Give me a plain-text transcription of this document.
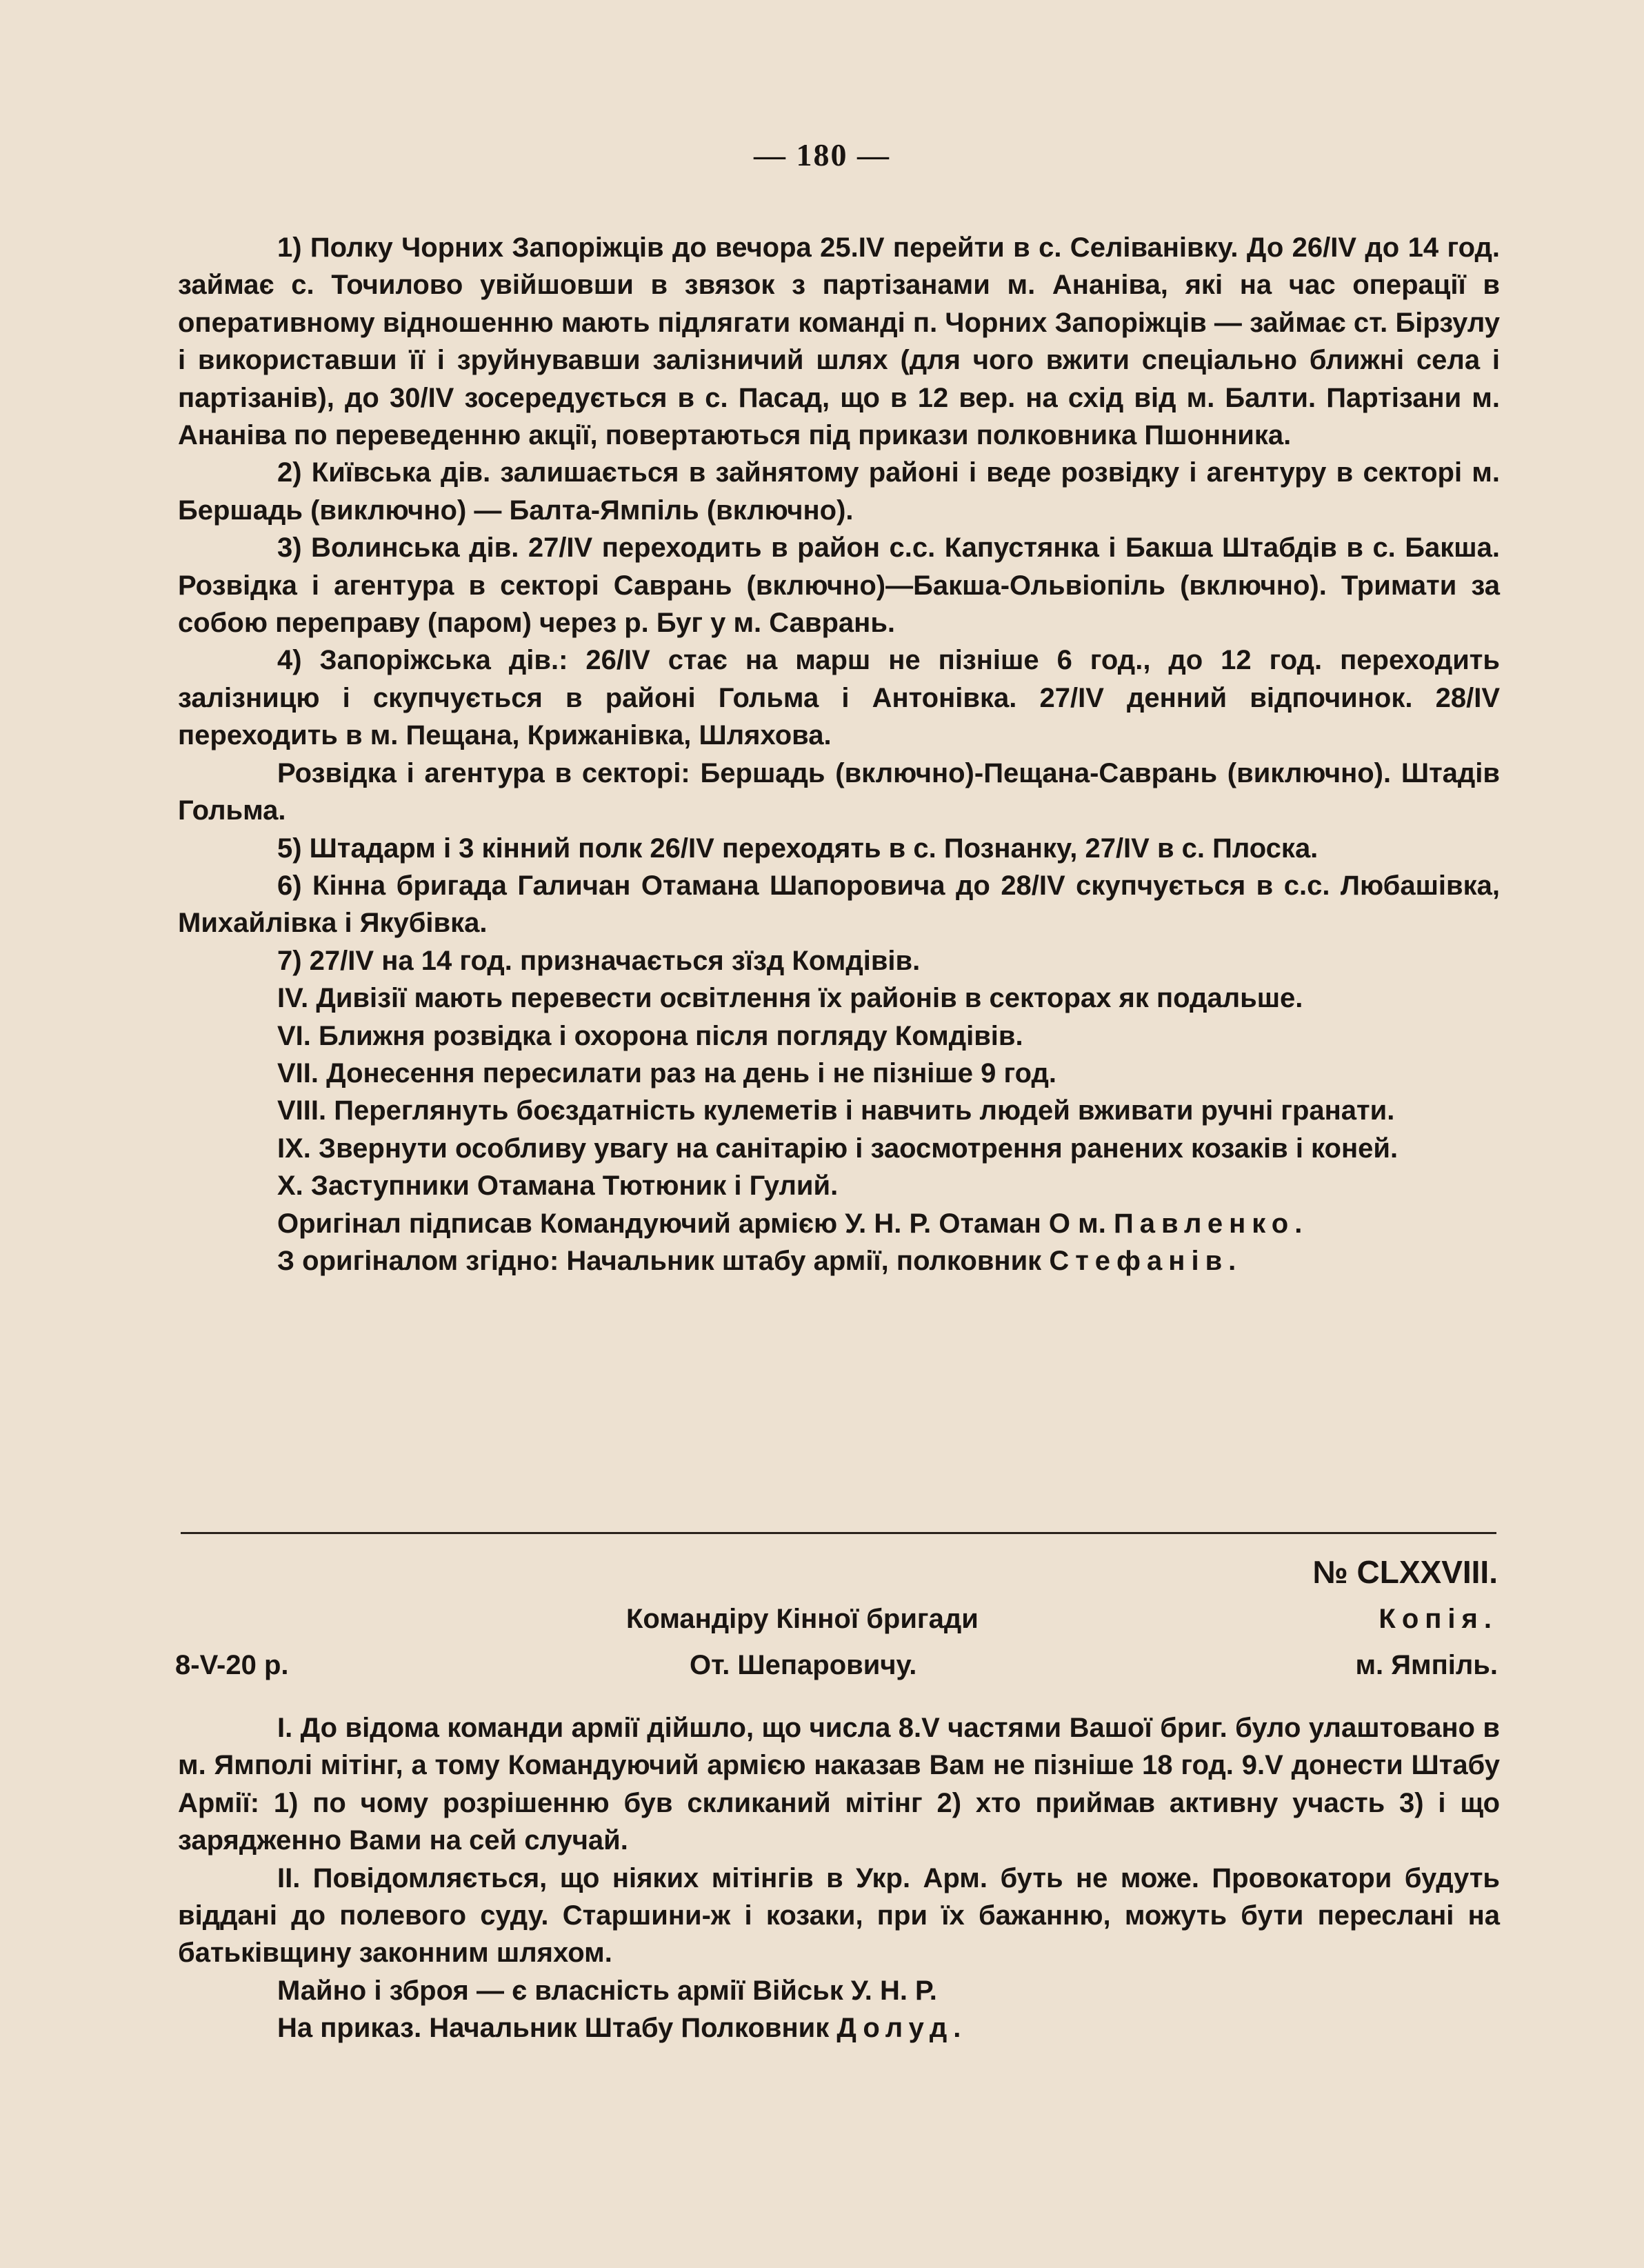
— 180 —

1) Полку Чорних Запоріжців до вечора 25.IV перейти в с. Селіванівку. До 26/IV до 14 год. займає с. Точилово увійшовши в звязок з партізанами м. Ананіва, які на час операції в оперативному відношенню мають підлягати команді п. Чорних Запоріжців — займає ст. Бірзулу і використавши її і зруйнувавши залізничий шлях (для чого вжити спеціально ближні села і партізанів), до 30/IV зосередується в с. Пасад, що в 12 вер. на схід від м. Балти. Партізани м. Ананіва по переведенню акції, повертаються під прикази полковника Пшонника.

2) Київська дів. залишається в зайнятому районі і веде розвідку і агентуру в секторі м. Бершадь (виключно) — Балта-Ямпіль (включно).

3) Волинська дів. 27/IV переходить в район с.с. Капустянка і Бакша Штабдів в с. Бакша. Розвідка і агентура в секторі Саврань (включно)—Бакша-Ольвіопіль (включно). Тримати за собою переправу (паром) через р. Буг у м. Саврань.

4) Запоріжська дів.: 26/IV стає на марш не пізніше 6 год., до 12 год. переходить залізницю і скупчується в районі Гольма і Антонівка. 27/IV денний відпочинок. 28/IV переходить в м. Пещана, Крижанівка, Шляхова.

Розвідка і агентура в секторі: Бершадь (включно)-Пещана-Саврань (виключно). Штадів Гольма.

5) Штадарм і 3 кінний полк 26/IV переходять в с. Познанку, 27/IV в с. Плоска.

6) Кінна бригада Галичан Отамана Шапоровича до 28/IV скупчується в с.с. Любашівка, Михайлівка і Якубівка.

7) 27/IV на 14 год. призначається зїзд Комдівів.

IV. Дивізії мають перевести освітлення їх районів в секторах як подальше.

VI. Ближня розвідка і охорона після погляду Комдівів.

VII. Донесення пересилати раз на день і не пізніше 9 год.

VIII. Переглянуть боєздатність кулеметів і навчить людей вживати ручні гранати.

IX. Звернути особливу увагу на санітарію і заосмотрення ранених козаків і коней.

X. Заступники Отамана Тютюник і Гулий.

Оригінал підписав Командуючий армією У. Н. Р. Отаман О м. Павленко.

З оригіналом згідно: Начальник штабу армії, полковник Стефанів.

№ CLXXVIII.
Командіру Кінної бригади	Копія.
8-V-20 р.	От. Шепаровичу.	м. Ямпіль.

I. До відома команди армії дійшло, що числа 8.V частями Вашої бриг. було улаштовано в м. Ямполі мітінг, а тому Командуючий армією наказав Вам не пізніше 18 год. 9.V донести Штабу Армії: 1) по чому розрішенню був скликаний мітінг 2) хто приймав активну участь 3) і що зарядженно Вами на сей случай.

II. Повідомляється, що ніяких мітінгів в Укр. Арм. буть не може. Провокатори будуть віддані до полевого суду. Старшини-ж і козаки, при їх бажанню, можуть бути переслані на батьківщину законним шляхом.

Майно і зброя — є власність армії Військ У. Н. Р.

На приказ. Начальник Штабу Полковник Долуд.
